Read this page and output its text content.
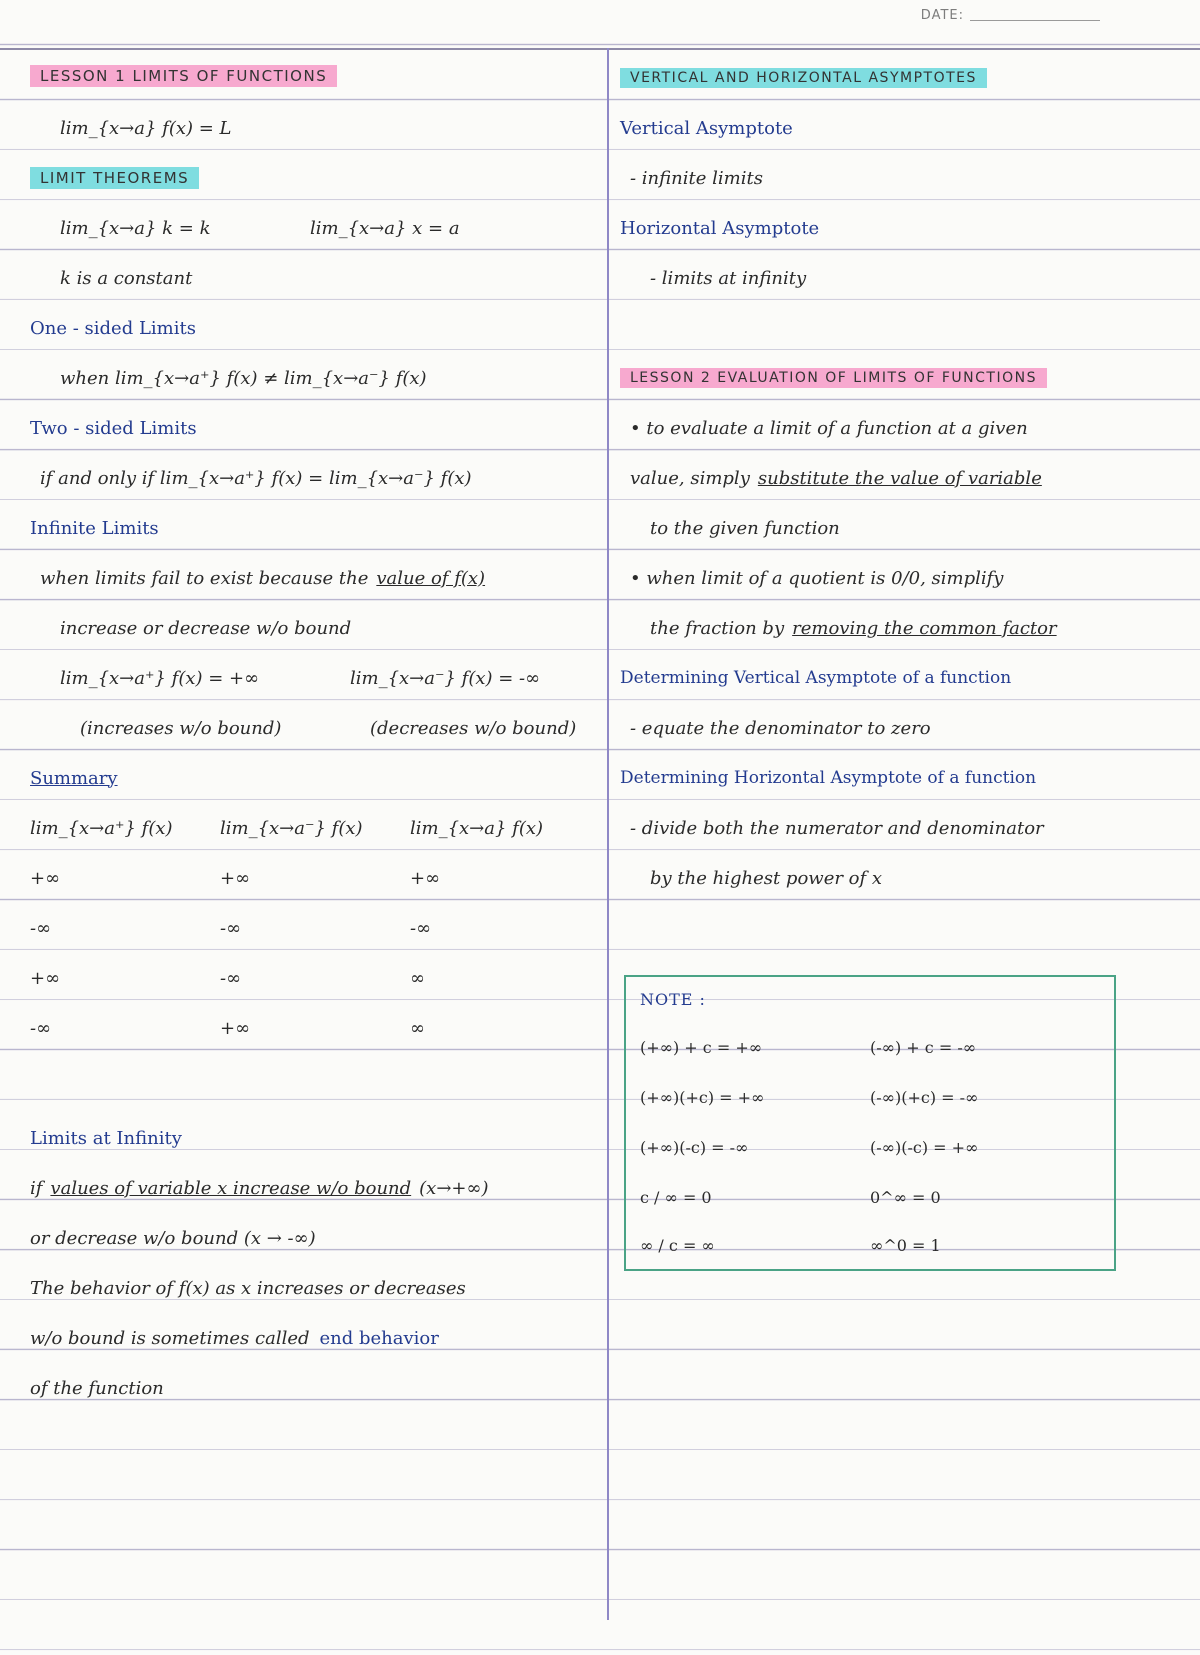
DATE:
LESSON 1 LIMITS OF FUNCTIONS
lim_{x→a} f(x) = L
LIMIT THEOREMS
lim_{x→a} k = k	lim_{x→a} x = a
k is a constant
One - sided Limits
when lim_{x→a⁺} f(x) ≠ lim_{x→a⁻} f(x)
Two - sided Limits
if and only if lim_{x→a⁺} f(x) = lim_{x→a⁻} f(x)
Infinite Limits
when limits fail to exist because the value of f(x)
increase or decrease w/o bound
lim_{x→a⁺} f(x) = +∞	lim_{x→a⁻} f(x) = -∞
(increases w/o bound)	(decreases w/o bound)
Summary
lim_{x→a⁺} f(x)	lim_{x→a⁻} f(x)	lim_{x→a} f(x)
+∞	+∞	+∞
-∞	-∞	-∞
+∞	-∞	∞
-∞	+∞	∞
Limits at Infinity
if values of variable x increase w/o bound (x→+∞)
or decrease w/o bound (x → -∞)
The behavior of f(x) as x increases or decreases
w/o bound is sometimes called end behavior
of the function
VERTICAL AND HORIZONTAL ASYMPTOTES
Vertical Asymptote
- infinite limits
Horizontal Asymptote
- limits at infinity
LESSON 2 EVALUATION OF LIMITS OF FUNCTIONS
• to evaluate a limit of a function at a given
value, simply substitute the value of variable
to the given function
• when limit of a quotient is 0/0, simplify
the fraction by removing the common factor
Determining Vertical Asymptote of a function
- equate the denominator to zero
Determining Horizontal Asymptote of a function
- divide both the numerator and denominator
by the highest power of x
NOTE :
(+∞) + c = +∞	(-∞) + c = -∞
(+∞)(+c) = +∞	(-∞)(+c) = -∞
(+∞)(-c) = -∞	(-∞)(-c) = +∞
c / ∞ = 0	0^∞ = 0
∞ / c = ∞	∞^0 = 1
